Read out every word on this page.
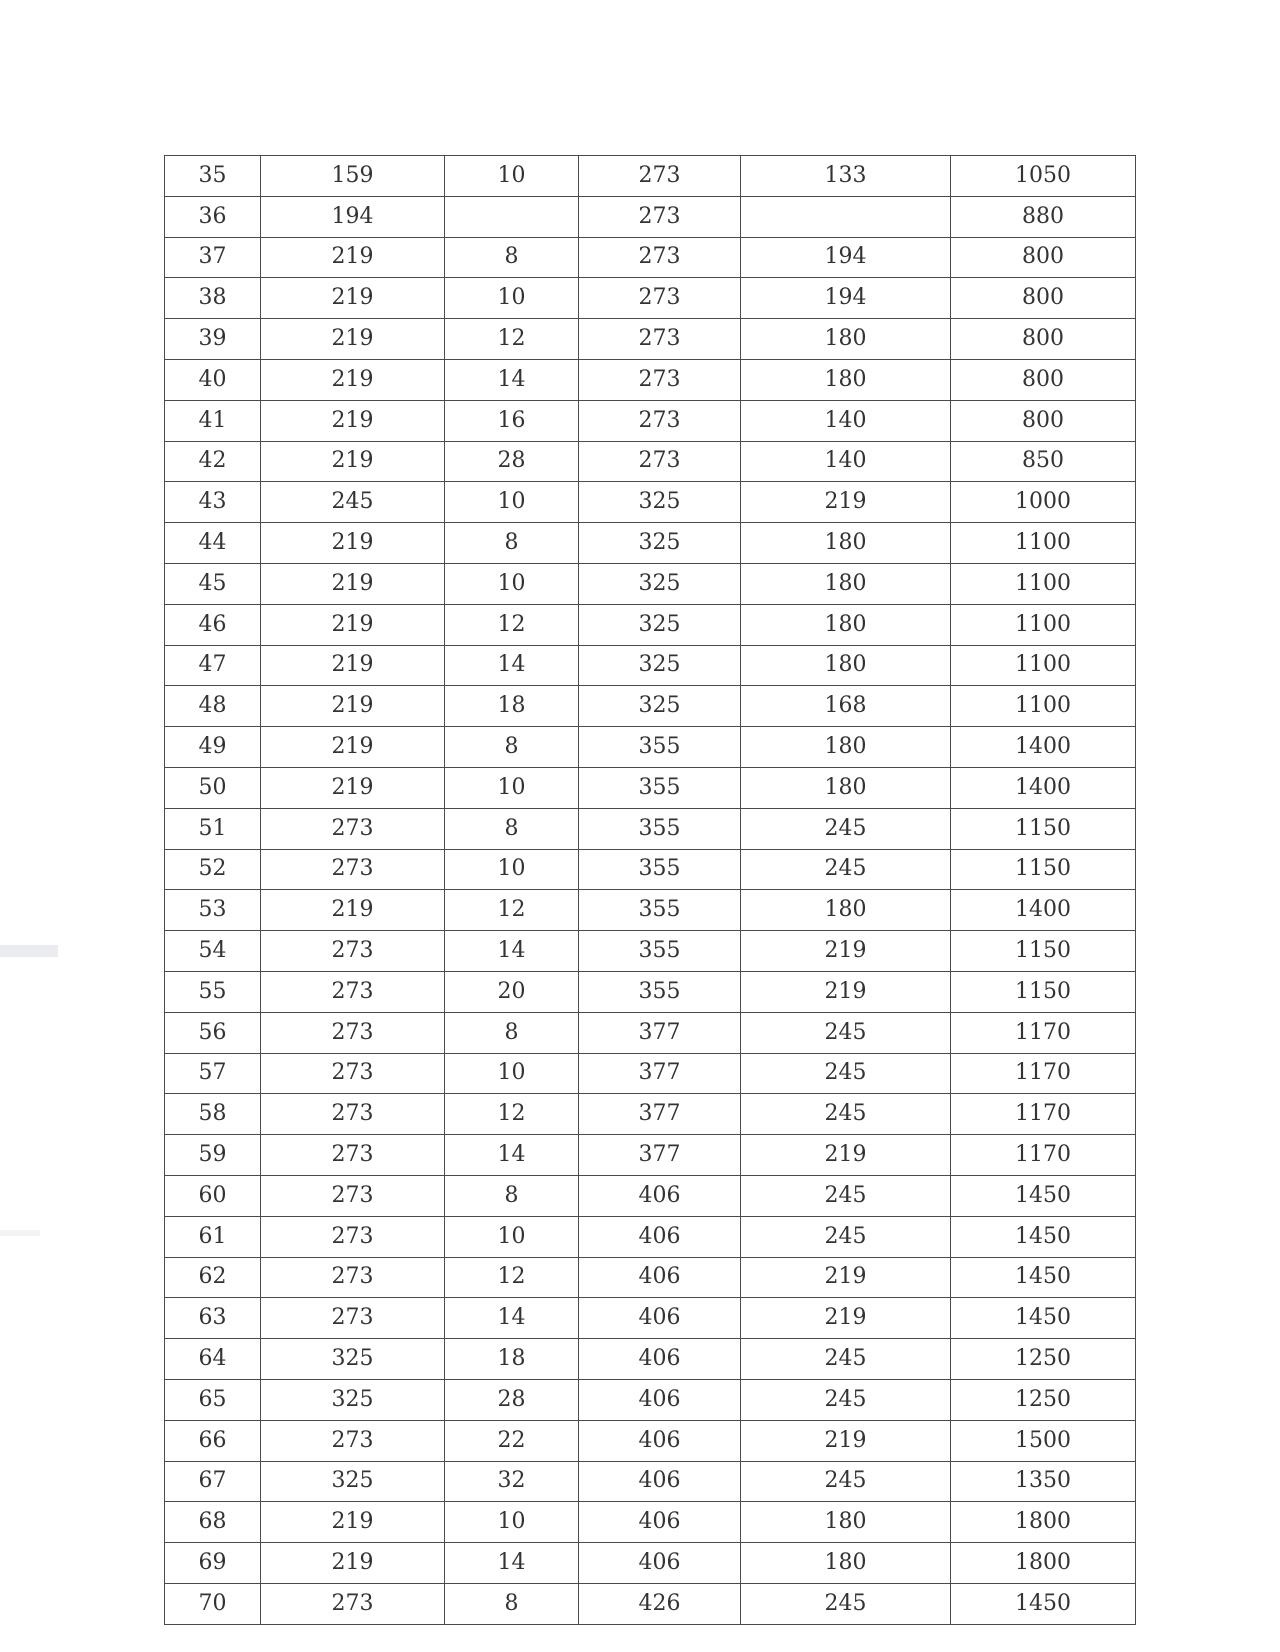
35	159	10	273	133	1050
36	194		273		880
37	219	8	273	194	800
38	219	10	273	194	800
39	219	12	273	180	800
40	219	14	273	180	800
41	219	16	273	140	800
42	219	28	273	140	850
43	245	10	325	219	1000
44	219	8	325	180	1100
45	219	10	325	180	1100
46	219	12	325	180	1100
47	219	14	325	180	1100
48	219	18	325	168	1100
49	219	8	355	180	1400
50	219	10	355	180	1400
51	273	8	355	245	1150
52	273	10	355	245	1150
53	219	12	355	180	1400
54	273	14	355	219	1150
55	273	20	355	219	1150
56	273	8	377	245	1170
57	273	10	377	245	1170
58	273	12	377	245	1170
59	273	14	377	219	1170
60	273	8	406	245	1450
61	273	10	406	245	1450
62	273	12	406	219	1450
63	273	14	406	219	1450
64	325	18	406	245	1250
65	325	28	406	245	1250
66	273	22	406	219	1500
67	325	32	406	245	1350
68	219	10	406	180	1800
69	219	14	406	180	1800
70	273	8	426	245	1450
